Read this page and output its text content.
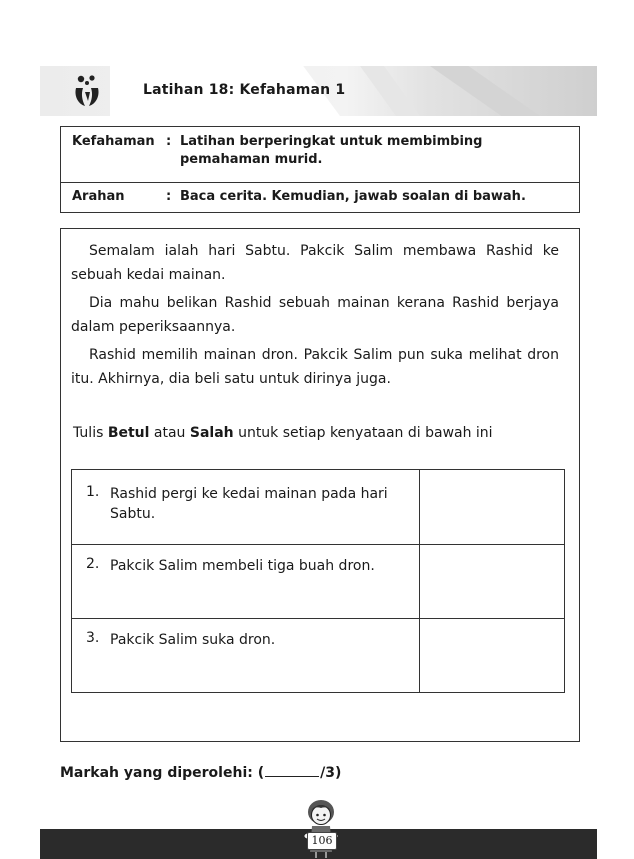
Latihan 18: Kefahaman 1
Kefahaman : Latihan berperingkat untuk membimbing
pemahaman murid.
Arahan	: Baca cerita. Kemudian, jawab soalan di bawah.
Semalam ialah hari Sabtu. Pakcik Salim membawa Rashid ke sebuah kedai mainan.
Dia mahu belikan Rashid sebuah mainan kerana Rashid berjaya dalam peperiksaannya.
Rashid memilih mainan dron. Pakcik Salim pun suka melihat dron itu. Akhirnya, dia beli satu untuk dirinya juga.
Tulis Betul atau Salah untuk setiap kenyataan di bawah ini
1. Rashid pergi ke kedai mainan pada hari Sabtu.
2. Pakcik Salim membeli tiga buah dron.
3. Pakcik Salim suka dron.
Markah yang diperolehi: (	/3)
106
